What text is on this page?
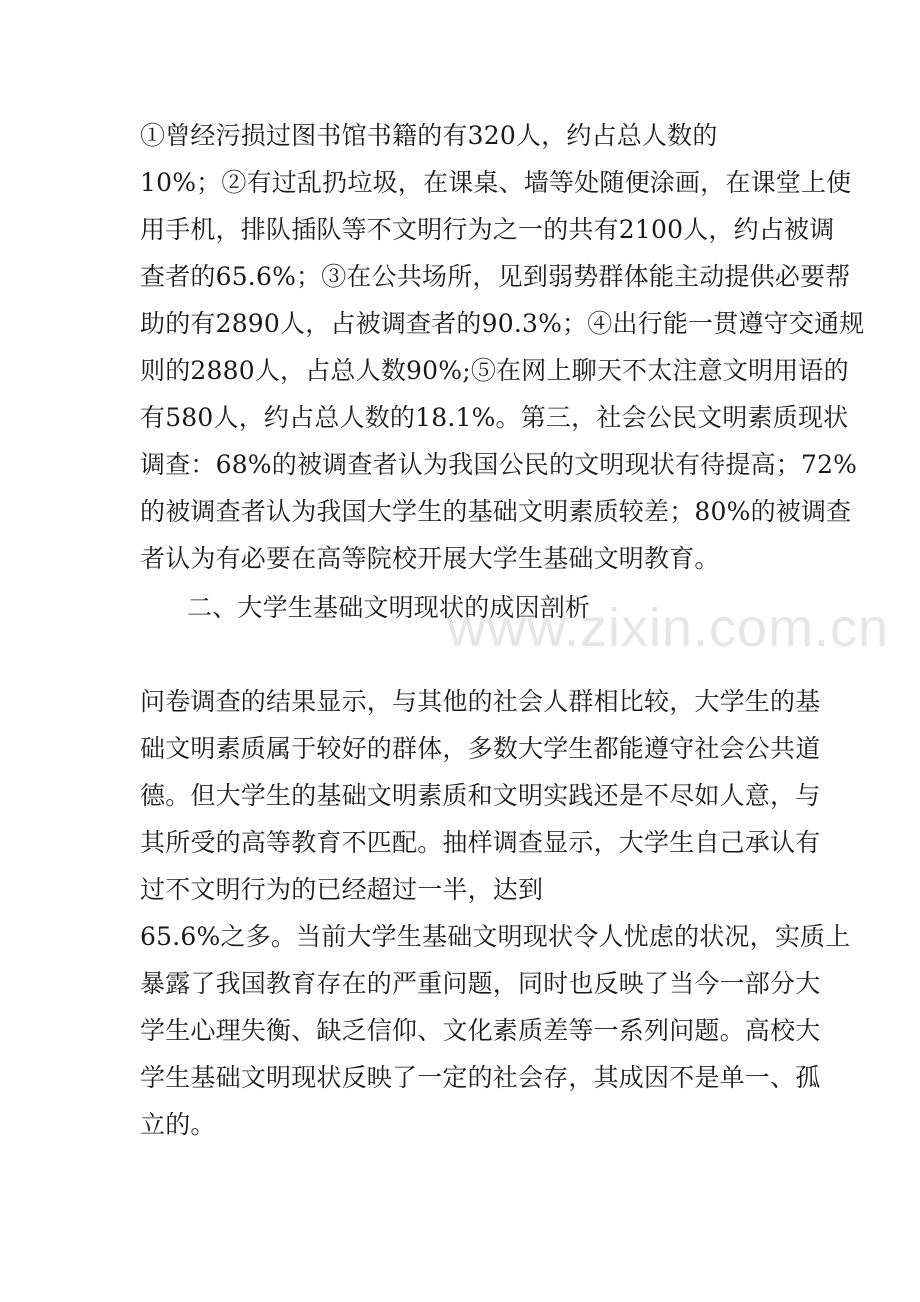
www.zixin.com.cn
①曾经污损过图书馆书籍的有320人，约占总人数的
10%；②有过乱扔垃圾，在课桌、墙等处随便涂画，在课堂上使
用手机，排队插队等不文明行为之一的共有2100人，约占被调
查者的65.6%；③在公共场所，见到弱势群体能主动提供必要帮
助的有2890人，占被调查者的90.3%；④出行能一贯遵守交通规
则的2880人，占总人数90%;⑤在网上聊天不太注意文明用语的
有580人，约占总人数的18.1%。第三，社会公民文明素质现状
调查：68%的被调查者认为我国公民的文明现状有待提高；72%
的被调查者认为我国大学生的基础文明素质较差；80%的被调查
者认为有必要在高等院校开展大学生基础文明教育。
二、大学生基础文明现状的成因剖析
问卷调查的结果显示，与其他的社会人群相比较，大学生的基
础文明素质属于较好的群体，多数大学生都能遵守社会公共道
德。但大学生的基础文明素质和文明实践还是不尽如人意，与
其所受的高等教育不匹配。抽样调查显示，大学生自己承认有
过不文明行为的已经超过一半，达到
65.6%之多。当前大学生基础文明现状令人忧虑的状况，实质上
暴露了我国教育存在的严重问题，同时也反映了当今一部分大
学生心理失衡、缺乏信仰、文化素质差等一系列问题。高校大
学生基础文明现状反映了一定的社会存，其成因不是单一、孤
立的。
